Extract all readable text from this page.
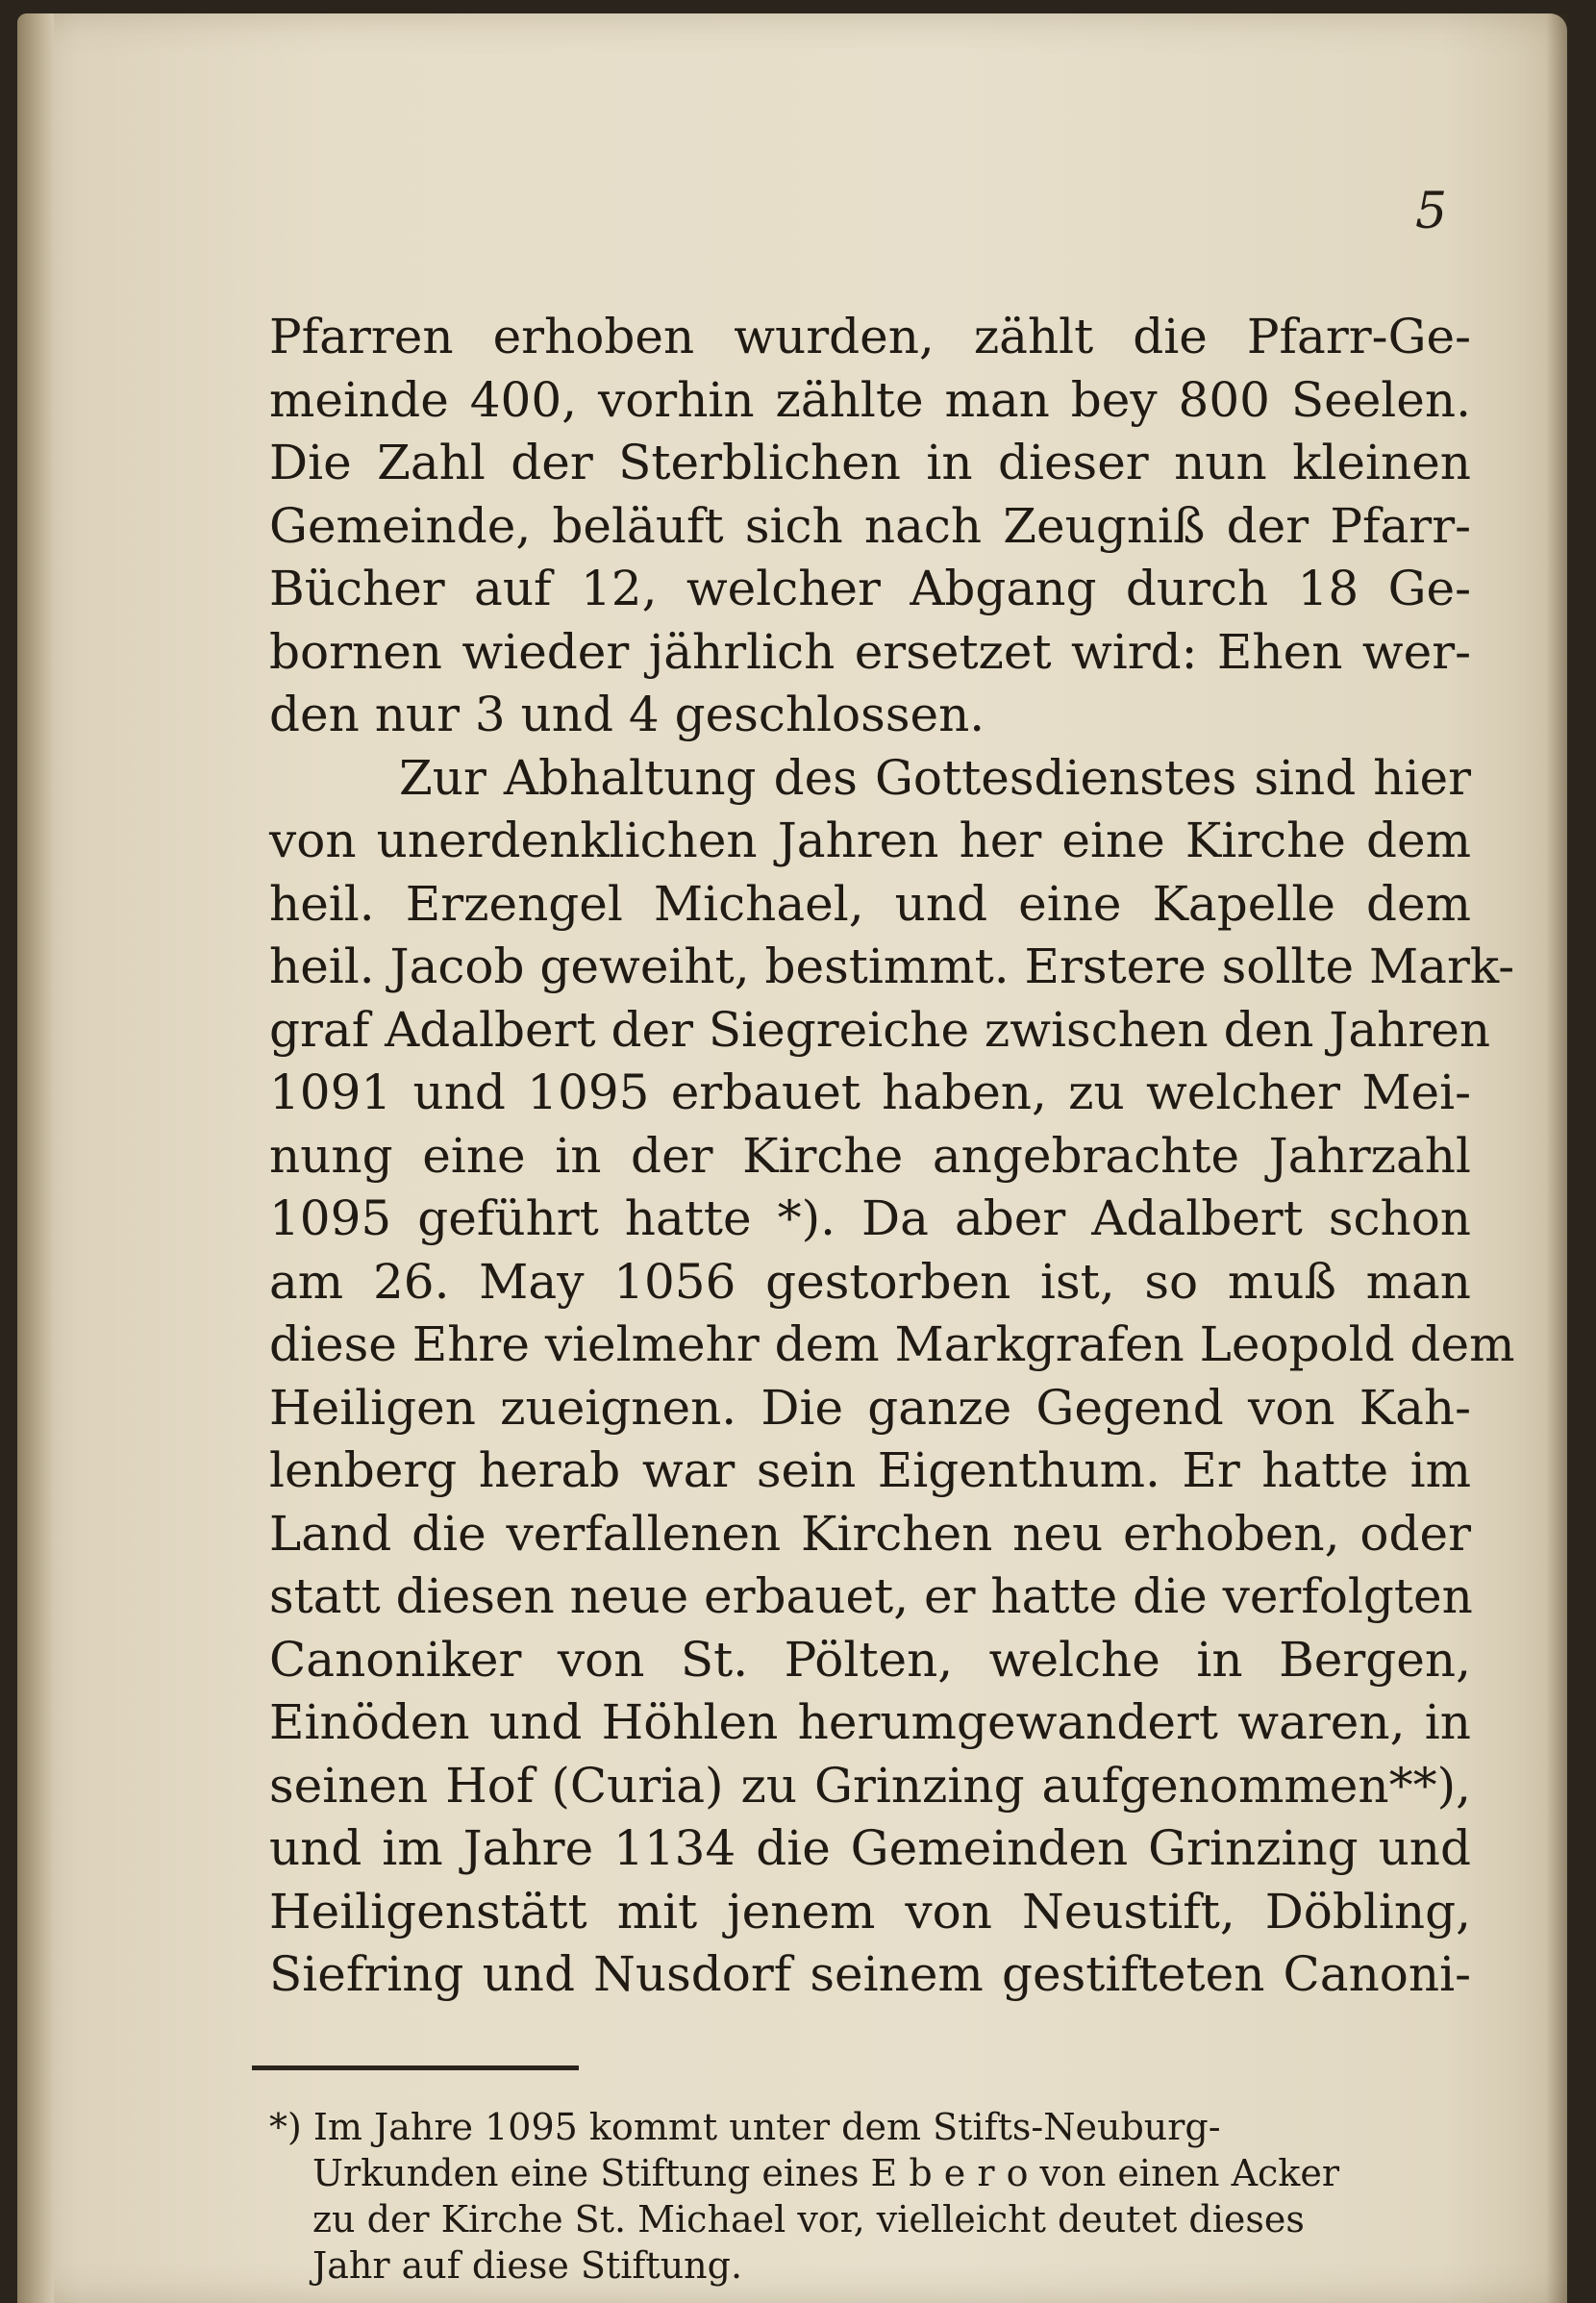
5
Pfarren erhoben wurden, zählt die Pfarr-Ge-
meinde 400, vorhin zählte man bey 800 Seelen.
Die Zahl der Sterblichen in dieser nun kleinen
Gemeinde, beläuft sich nach Zeugniß der Pfarr-
Bücher auf 12, welcher Abgang durch 18 Ge-
bornen wieder jährlich ersetzet wird: Ehen wer-
den nur 3 und 4 geschlossen.
Zur Abhaltung des Gottesdienstes sind hier
von unerdenklichen Jahren her eine Kirche dem
heil. Erzengel Michael, und eine Kapelle dem
heil. Jacob geweiht, bestimmt. Erstere sollte Mark-
graf Adalbert der Siegreiche zwischen den Jahren
1091 und 1095 erbauet haben, zu welcher Mei-
nung eine in der Kirche angebrachte Jahrzahl
1095 geführt hatte *). Da aber Adalbert schon
am 26. May 1056 gestorben ist, so muß man
diese Ehre vielmehr dem Markgrafen Leopold dem
Heiligen zueignen. Die ganze Gegend von Kah-
lenberg herab war sein Eigenthum. Er hatte im
Land die verfallenen Kirchen neu erhoben, oder
statt diesen neue erbauet, er hatte die verfolgten
Canoniker von St. Pölten, welche in Bergen,
Einöden und Höhlen herumgewandert waren, in
seinen Hof (Curia) zu Grinzing aufgenommen**),
und im Jahre 1134 die Gemeinden Grinzing und
Heiligenstätt mit jenem von Neustift, Döbling,
Siefring und Nusdorf seinem gestifteten Canoni-
*) Im Jahre 1095 kommt unter dem Stifts-Neuburg-
Urkunden eine Stiftung eines E b e r o von einen Acker
zu der Kirche St. Michael vor, vielleicht deutet dieses
Jahr auf diese Stiftung.
